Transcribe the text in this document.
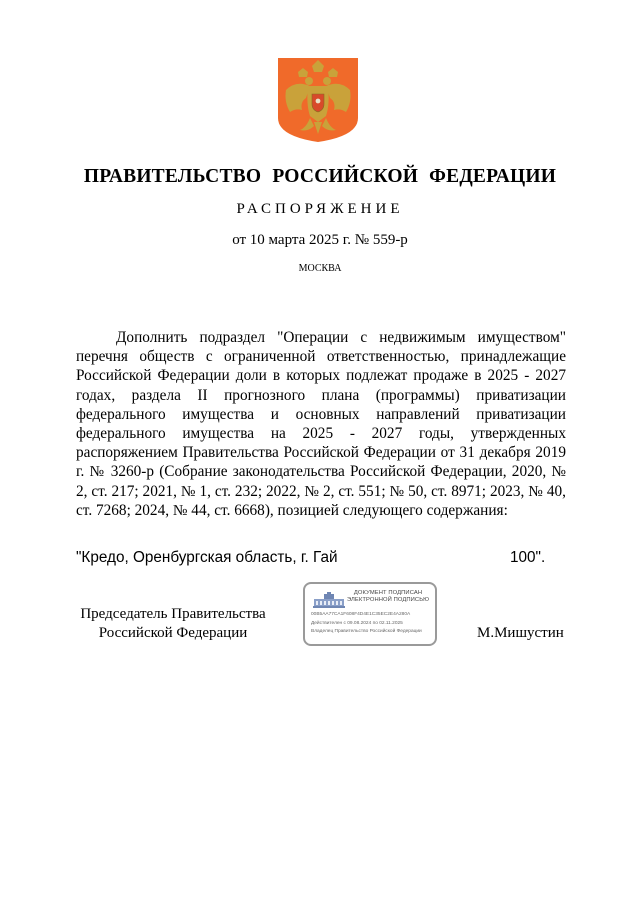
ПРАВИТЕЛЬСТВО РОССИЙСКОЙ ФЕДЕРАЦИИ
РАСПОРЯЖЕНИЕ
от 10 марта 2025 г. № 559-р
МОСКВА
Дополнить подраздел "Операции с недвижимым имуществом" перечня обществ с ограниченной ответственностью, принадлежащие Российской Федерации доли в которых подлежат продаже в 2025 - 2027 годах, раздела II прогнозного плана (программы) приватизации федерального имущества и основных направлений приватизации федерального имущества на 2025 - 2027 годы, утвержденных распоряжением Правительства Российской Федерации от 31 декабря 2019 г. № 3260-р (Собрание законодательства Российской Федерации, 2020, № 2, ст. 217; 2021, № 1, ст. 232; 2022, № 2, ст. 551; № 50, ст. 8971; 2023, № 40, ст. 7268; 2024, № 44, ст. 6668), позицией следующего содержания:
"Кредо, Оренбургская область, г. Гай	100".
Председатель Правительства
Российской Федерации
ДОКУМЕНТ ПОДПИСАН
ЭЛЕКТРОННОЙ ПОДПИСЬЮ
00B5AA77CA1F608F4D4E1C35EC2E4A280A
Действителен с 09.08.2024 по 02.11.2025
Владелец Правительство Российской Федерации	М.Мишустин
